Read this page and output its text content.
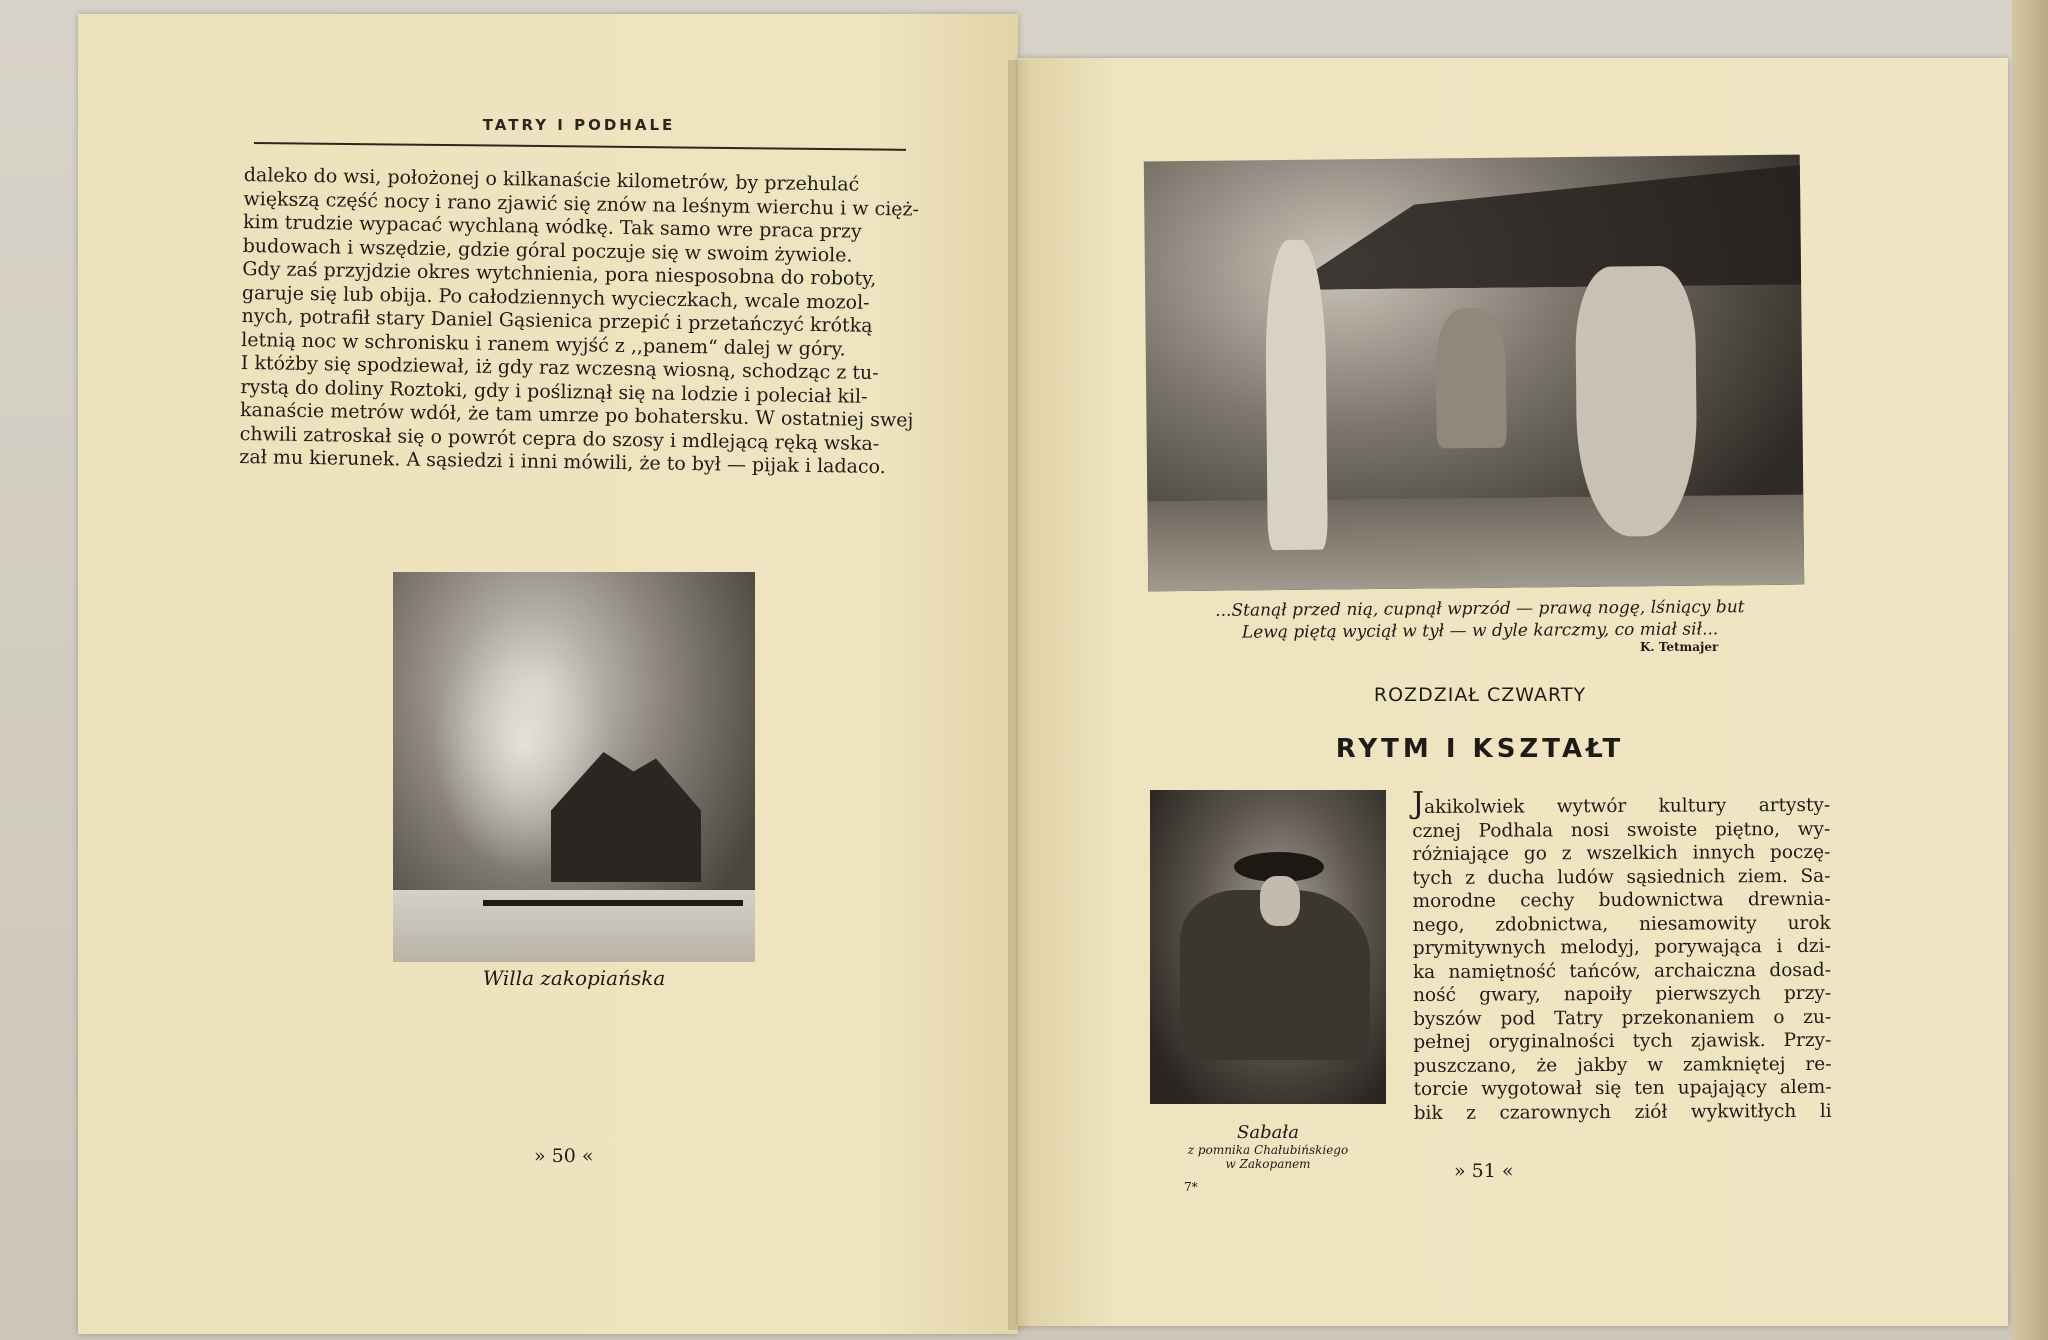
TATRY I PODHALE

daleko do wsi, położonej o kilkanaście kilometrów, by przehulać

większą część nocy i rano zjawić się znów na leśnym wierchu i w cięż-

kim trudzie wypacać wychlaną wódkę. Tak samo wre praca przy

budowach i wszędzie, gdzie góral poczuje się w swoim żywiole.

Gdy zaś przyjdzie okres wytchnienia, pora niesposobna do roboty,

garuje się lub obija. Po całodziennych wycieczkach, wcale mozol-

nych, potrafił stary Daniel Gąsienica przepić i przetańczyć krótką

letnią noc w schronisku i ranem wyjść z ,,panem“ dalej w góry.

I któżby się spodziewał, iż gdy raz wczesną wiosną, schodząc z tu-

rystą do doliny Roztoki, gdy i pośliznął się na lodzie i poleciał kil-

kanaście metrów wdół, że tam umrze po bohatersku. W ostatniej swej

chwili zatroskał się o powrót cepra do szosy i mdlejącą ręką wska-

zał mu kierunek. A sąsiedzi i inni mówili, że to był — pijak i ladaco.

Willa zakopiańska
» 50 «

...Stanął przed nią, cupnął wprzód — prawą nogę, lśniący but

Lewą piętą wyciął w tył — w dyle karczmy, co miał sił...

K. Tetmajer
ROZDZIAŁ CZWARTY
RYTM I KSZTAŁT
Sabała
z pomnika Chałubińskiego
w Zakopanem
7*

Jakikolwiek wytwór kultury artysty-

cznej Podhala nosi swoiste piętno, wy-

różniające go z wszelkich innych poczę-

tych z ducha ludów sąsiednich ziem. Sa-

morodne cechy budownictwa drewnia-

nego, zdobnictwa, niesamowity urok

prymitywnych melodyj, porywająca i dzi-

ka namiętność tańców, archaiczna dosad-

ność gwary, napoiły pierwszych przy-

byszów pod Tatry przekonaniem o zu-

pełnej oryginalności tych zjawisk. Przy-

puszczano, że jakby w zamkniętej re-

torcie wygotował się ten upajający alem-

bik z czarownych ziół wykwitłych li

» 51 «
